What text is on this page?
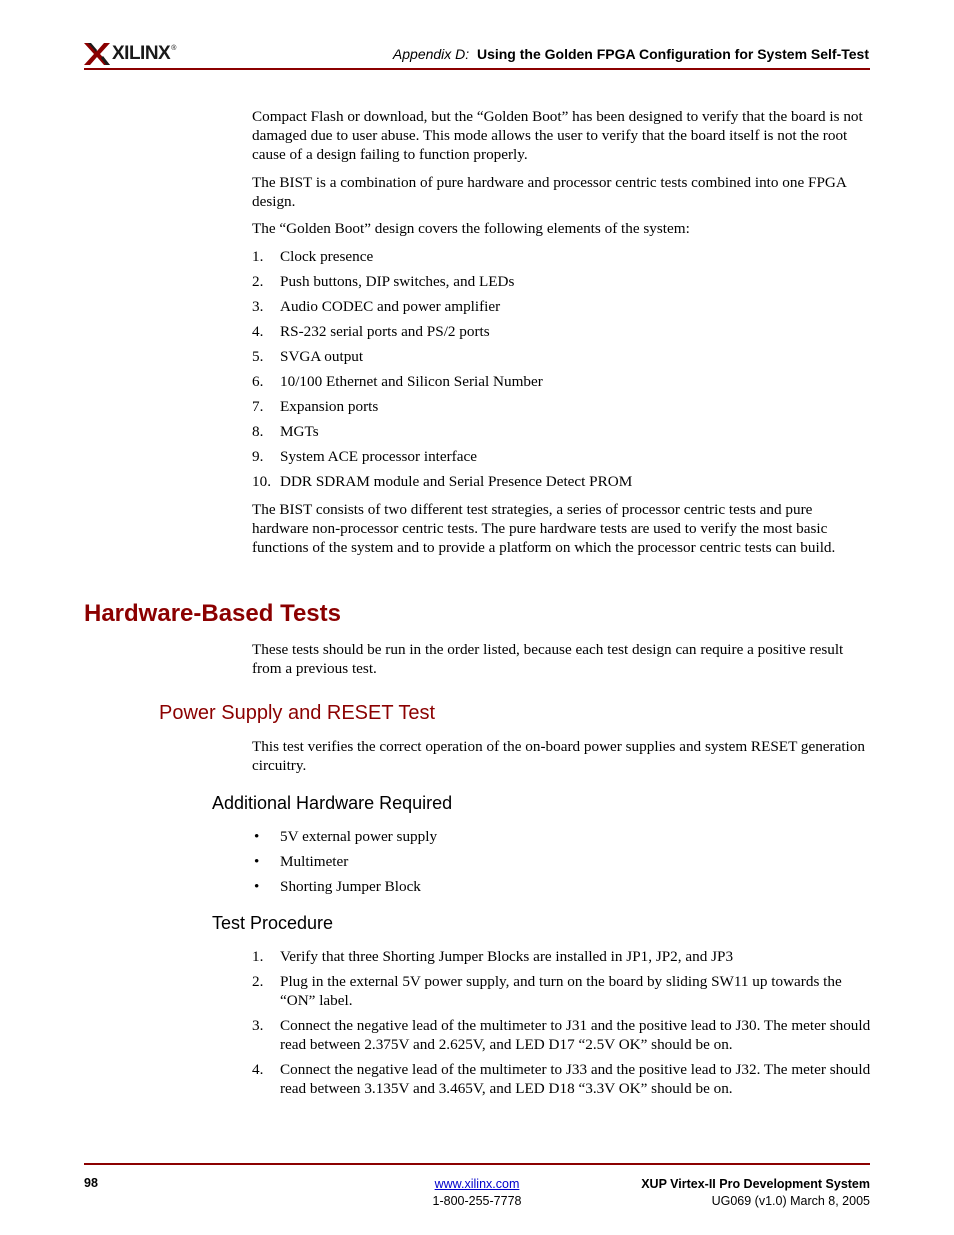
XILINX ®	Appendix D: Using the Golden FPGA Configuration for System Self-Test

Compact Flash or download, but the “Golden Boot” has been designed to verify that the board is not damaged due to user abuse. This mode allows the user to verify that the board itself is not the root cause of a design failing to function properly.

The BIST is a combination of pure hardware and processor centric tests combined into one FPGA design.

The “Golden Boot” design covers the following elements of the system:

1. Clock presence
2. Push buttons, DIP switches, and LEDs
3. Audio CODEC and power amplifier
4. RS-232 serial ports and PS/2 ports
5. SVGA output
6. 10/100 Ethernet and Silicon Serial Number
7. Expansion ports
8. MGTs
9. System ACE processor interface
10. DDR SDRAM module and Serial Presence Detect PROM

The BIST consists of two different test strategies, a series of processor centric tests and pure hardware non-processor centric tests. The pure hardware tests are used to verify the most basic functions of the system and to provide a platform on which the processor centric tests can build.

Hardware-Based Tests

These tests should be run in the order listed, because each test design can require a positive result from a previous test.

Power Supply and RESET Test

This test verifies the correct operation of the on-board power supplies and system RESET generation circuitry.

Additional Hardware Required
• 5V external power supply
• Multimeter
• Shorting Jumper Block
Test Procedure
1. Verify that three Shorting Jumper Blocks are installed in JP1, JP2, and JP3
2. Plug in the external 5V power supply, and turn on the board by sliding SW11 up towards the “ON” label.
3. Connect the negative lead of the multimeter to J31 and the positive lead to J30. The meter should read between 2.375V and 2.625V, and LED D17 “2.5V OK” should be on.
4. Connect the negative lead of the multimeter to J33 and the positive lead to J32. The meter should read between 3.135V and 3.465V, and LED D18 “3.3V OK” should be on.
98	www.xilinx.com
1-800-255-7778
XUP Virtex-II Pro Development System
UG069 (v1.0) March 8, 2005
